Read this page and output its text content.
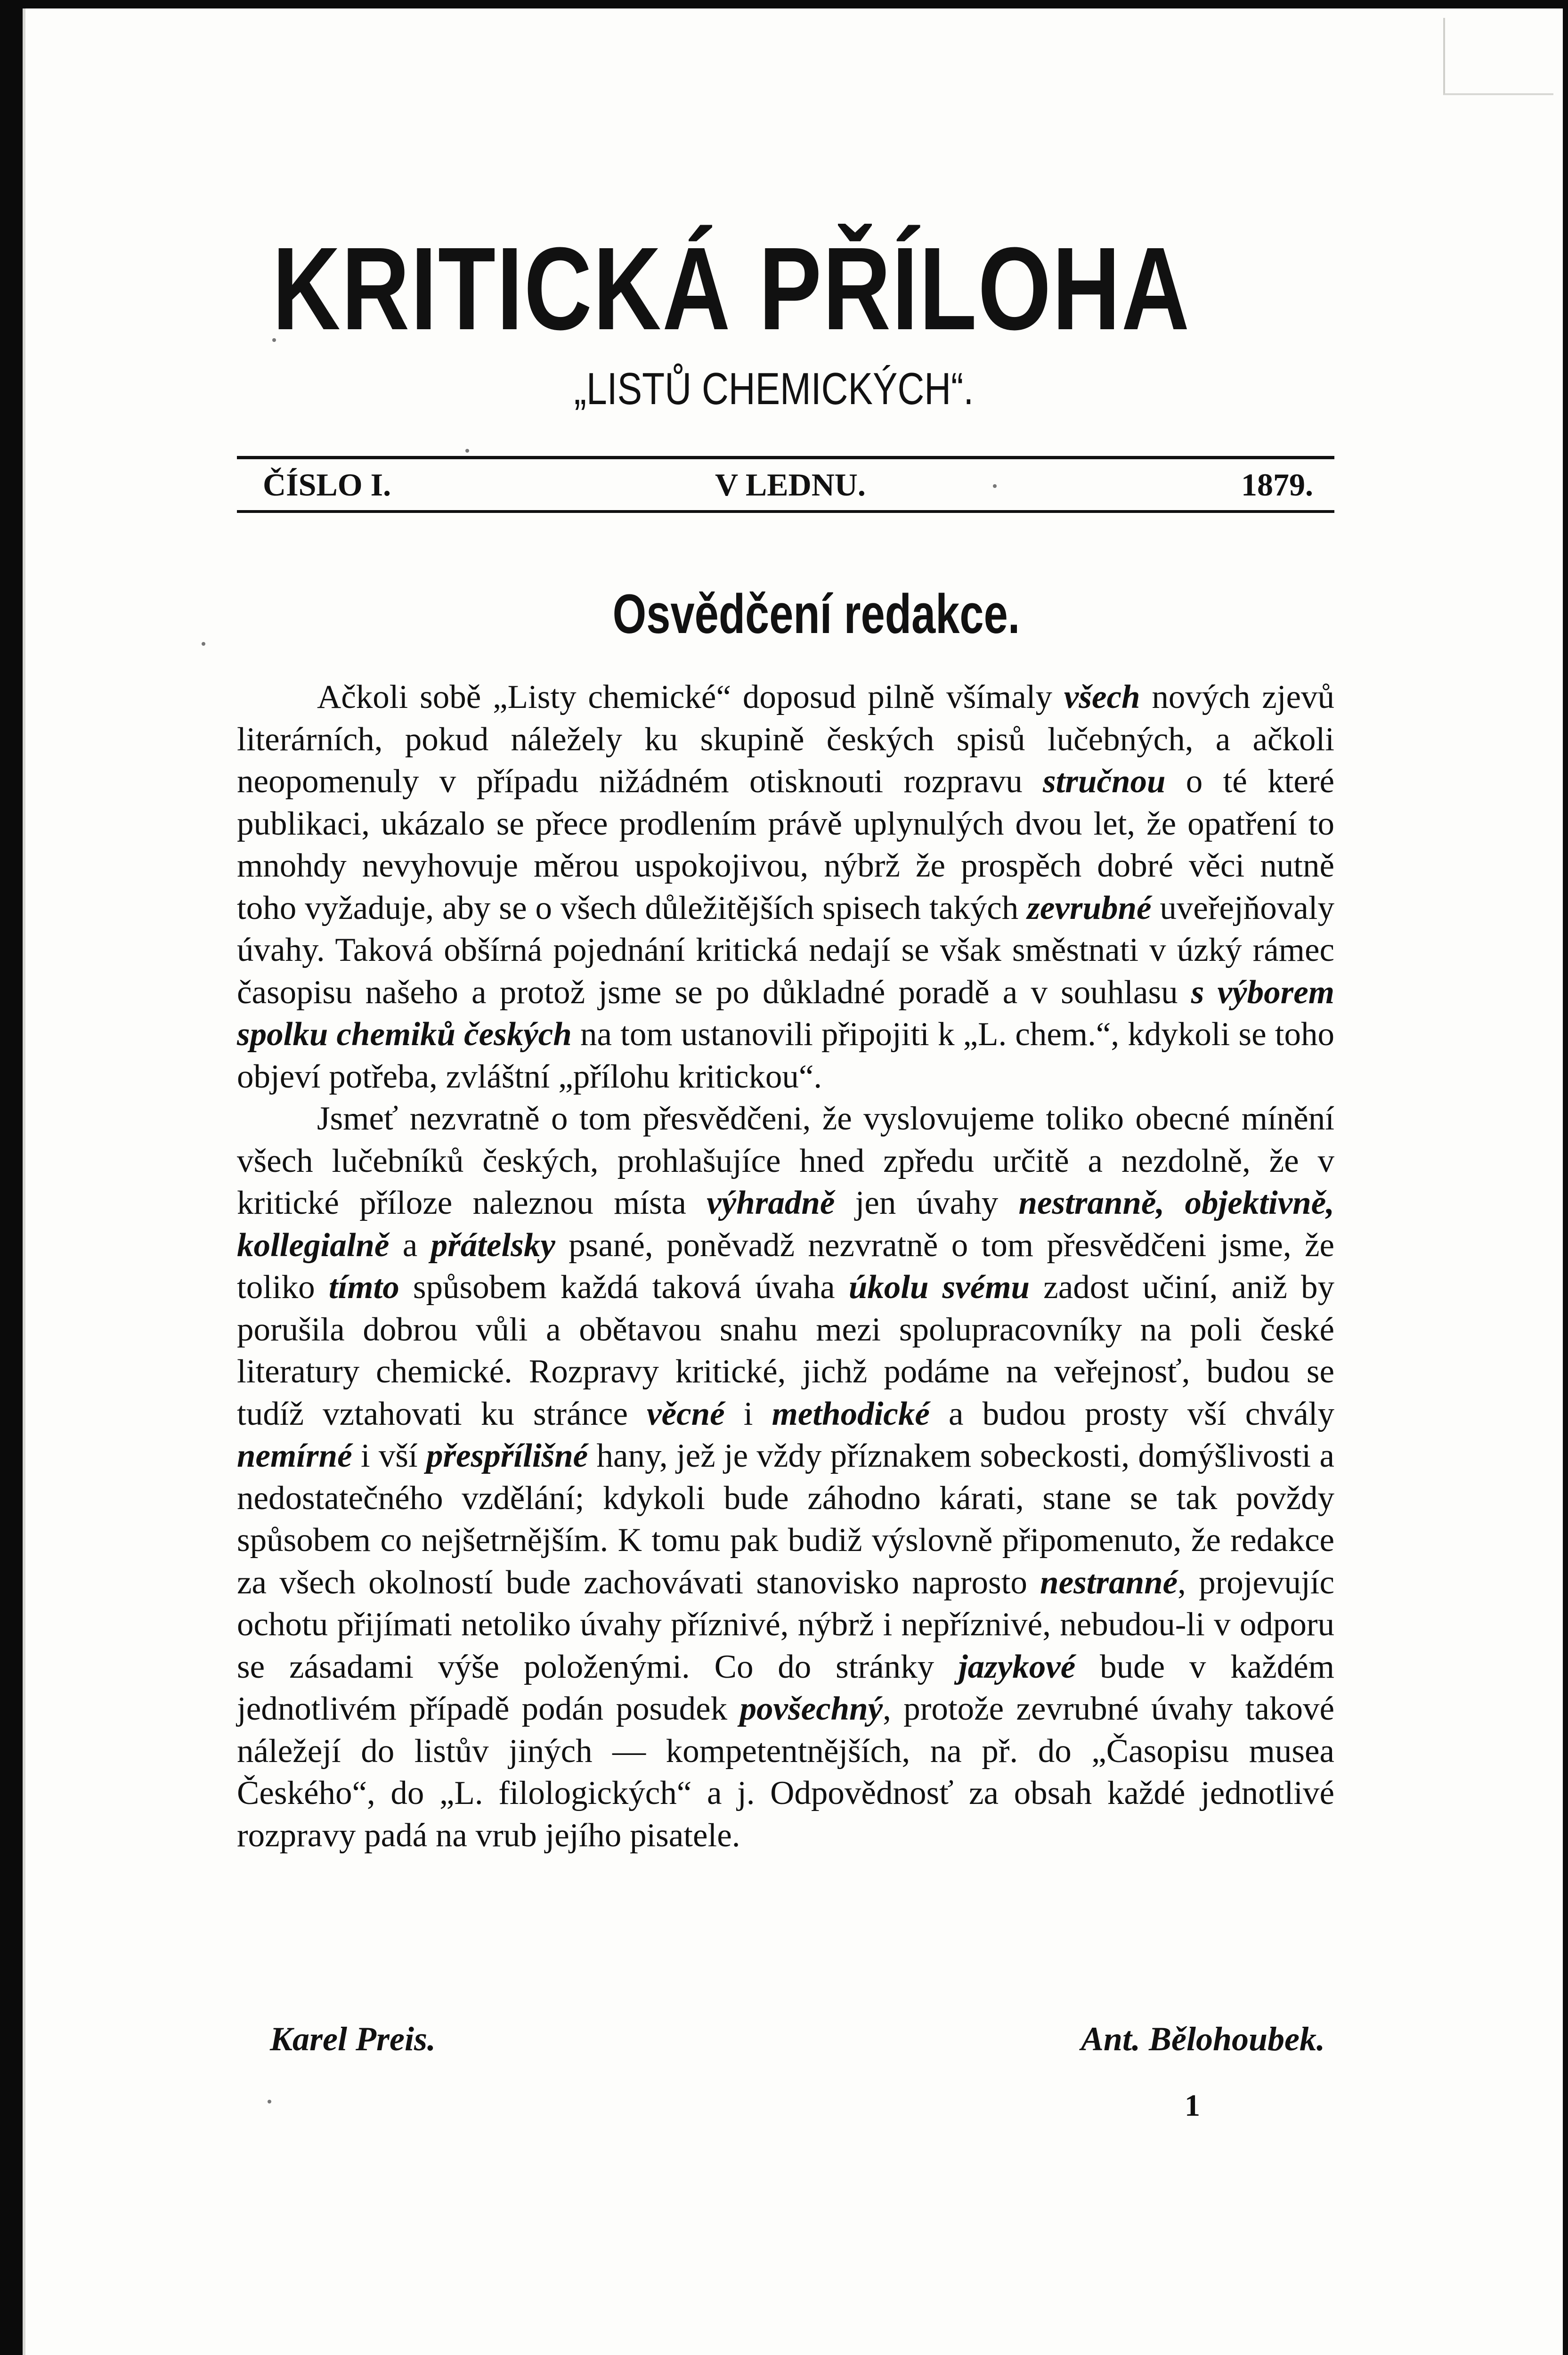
KRITICKÁ PŘÍLOHA
„LISTŮ CHEMICKÝCH“.
ČÍSLO I.	V LEDNU.	1879.
Osvědčení redakce.

Ačkoli sobě „Listy chemické“ doposud pilně všímaly všech nových zjevů literárních, pokud náležely ku skupině českých spisů lučebných, a ačkoli neopomenuly v případu nižádném otisknouti rozpravu stručnou o té které publikaci, ukázalo se přece prodlením právě uplynulých dvou let, že opatření to mnohdy nevyhovuje měrou uspokojivou, nýbrž že prospěch dobré věci nutně toho vyžaduje, aby se o všech důležitějších spisech takých zevrubné uveřejňovaly úvahy. Taková obšírná pojednání kritická nedají se však směstnati v úzký rámec časopisu našeho a protož jsme se po důkladné poradě a v souhlasu s výborem spolku chemiků českých na tom ustanovili připojiti k „L. chem.“, kdykoli se toho objeví potřeba, zvláštní „přílohu kritickou“.

Jsmeť nezvratně o tom přesvědčeni, že vyslovujeme toliko obecné mínění všech lučebníků českých, prohlašujíce hned zpředu určitě a nezdolně, že v kritické příloze naleznou místa výhradně jen úvahy nestranně, objektivně, kollegialně a přátelsky psané, poněvadž nezvratně o tom přesvědčeni jsme, že toliko tímto spůsobem každá taková úvaha úkolu svému zadost učiní, aniž by porušila dobrou vůli a obětavou snahu mezi spolupracovníky na poli české literatury chemické. Rozpravy kritické, jichž podáme na veřejnosť, budou se tudíž vztahovati ku stránce věcné i methodické a budou prosty vší chvály nemírné i vší přespřílišné hany, jež je vždy příznakem sobeckosti, domýšlivosti a nedostatečného vzdělání; kdykoli bude záhodno kárati, stane se tak povždy spůsobem co nejšetrnějším. K tomu pak budiž výslovně připomenuto, že redakce za všech okolností bude zachovávati stanovisko naprosto nestranné, projevujíc ochotu přijímati netoliko úvahy příznivé, nýbrž i nepříznivé, nebudou-li v odporu se zásadami výše položenými. Co do stránky jazykové bude v každém jednotlivém případě podán posudek povšechný, protože zevrubné úvahy takové náležejí do listův jiných — kompetentnějších, na př. do „Časopisu musea Českého“, do „L. filologických“ a j. Odpovědnosť za obsah každé jednotlivé rozpravy padá na vrub jejího pisatele.

Karel Preis.	Ant. Bělohoubek.
1
